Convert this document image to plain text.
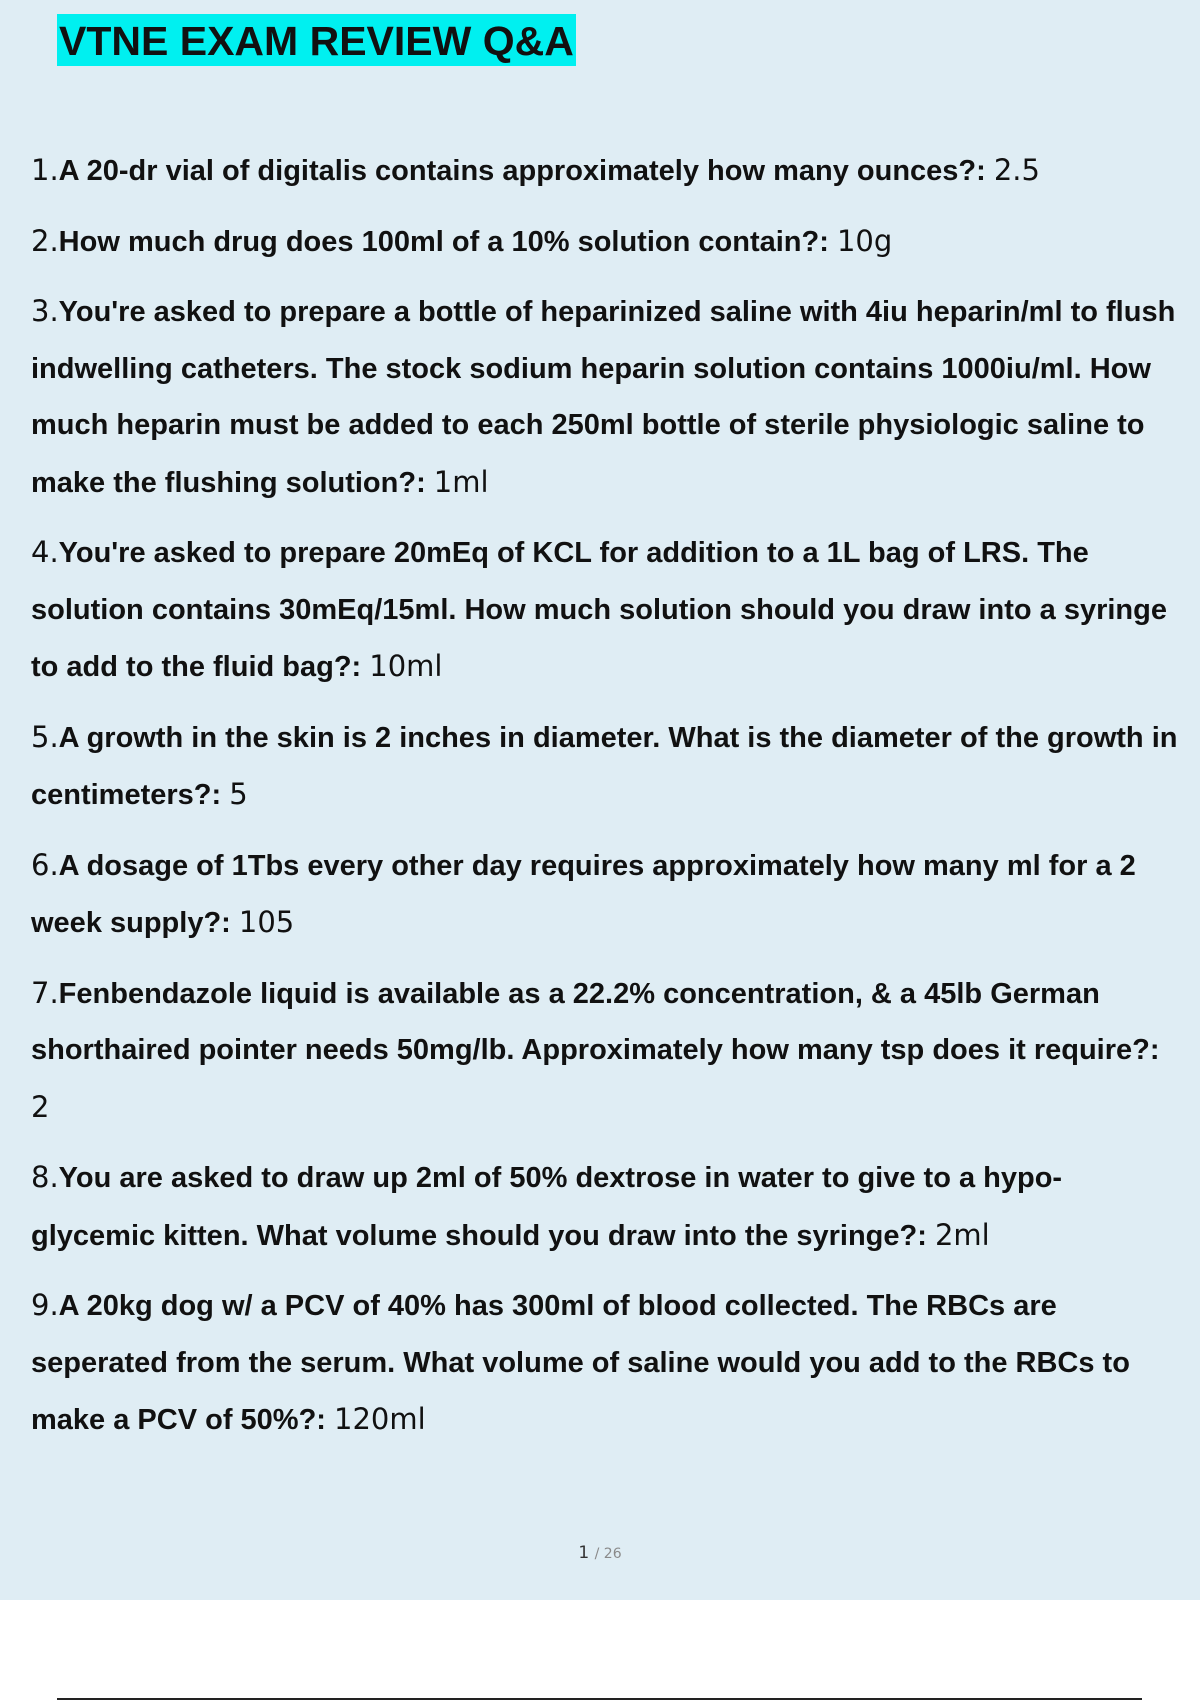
VTNE EXAM REVIEW Q&A
1.A 20-dr vial of digitalis contains approximately how many ounces?: 2.5
2.How much drug does 100ml of a 10% solution contain?: 10g
3.You're asked to prepare a bottle of heparinized saline with 4iu heparin/ml to flush indwelling catheters. The stock sodium heparin solution contains 1000iu/ml. How much heparin must be added to each 250ml bottle of sterile physiologic saline to make the flushing solution?: 1ml
4.You're asked to prepare 20mEq of KCL for addition to a 1L bag of LRS. The solution contains 30mEq/15ml. How much solution should you draw into a syringe to add to the fluid bag?: 10ml
5.A growth in the skin is 2 inches in diameter. What is the diameter of the growth in centimeters?: 5
6.A dosage of 1Tbs every other day requires approximately how many ml for a 2 week supply?: 105
7.Fenbendazole liquid is available as a 22.2% concentration, & a 45lb German shorthaired pointer needs 50mg/lb. Approximately how many tsp does it require?: 2
8.You are asked to draw up 2ml of 50% dextrose in water to give to a hypo- glycemic kitten. What volume should you draw into the syringe?: 2ml
9.A 20kg dog w/ a PCV of 40% has 300ml of blood collected. The RBCs are seperated from the serum. What volume of saline would you add to the RBCs to make a PCV of 50%?: 120ml
1 / 26
